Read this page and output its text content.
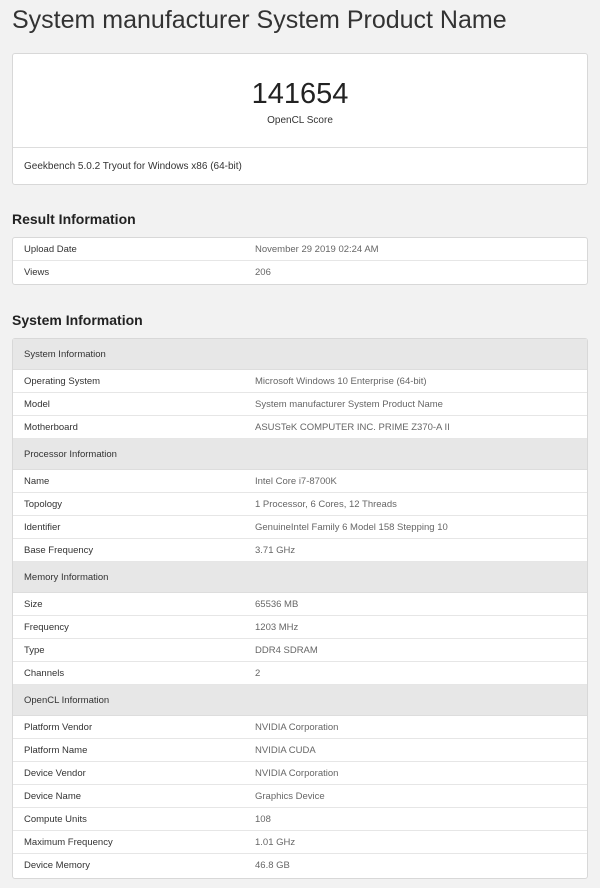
System manufacturer System Product Name
141654
OpenCL Score
Geekbench 5.0.2 Tryout for Windows x86 (64-bit)
Result Information
Upload Date	November 29 2019 02:24 AM
Views	206
System Information
System Information
Operating System	Microsoft Windows 10 Enterprise (64-bit)
Model	System manufacturer System Product Name
Motherboard	ASUSTeK COMPUTER INC. PRIME Z370-A II
Processor Information
Name	Intel Core i7-8700K
Topology	1 Processor, 6 Cores, 12 Threads
Identifier	GenuineIntel Family 6 Model 158 Stepping 10
Base Frequency	3.71 GHz
Memory Information
Size	65536 MB
Frequency	1203 MHz
Type	DDR4 SDRAM
Channels	2
OpenCL Information
Platform Vendor	NVIDIA Corporation
Platform Name	NVIDIA CUDA
Device Vendor	NVIDIA Corporation
Device Name	Graphics Device
Compute Units	108
Maximum Frequency	1.01 GHz
Device Memory	46.8 GB
